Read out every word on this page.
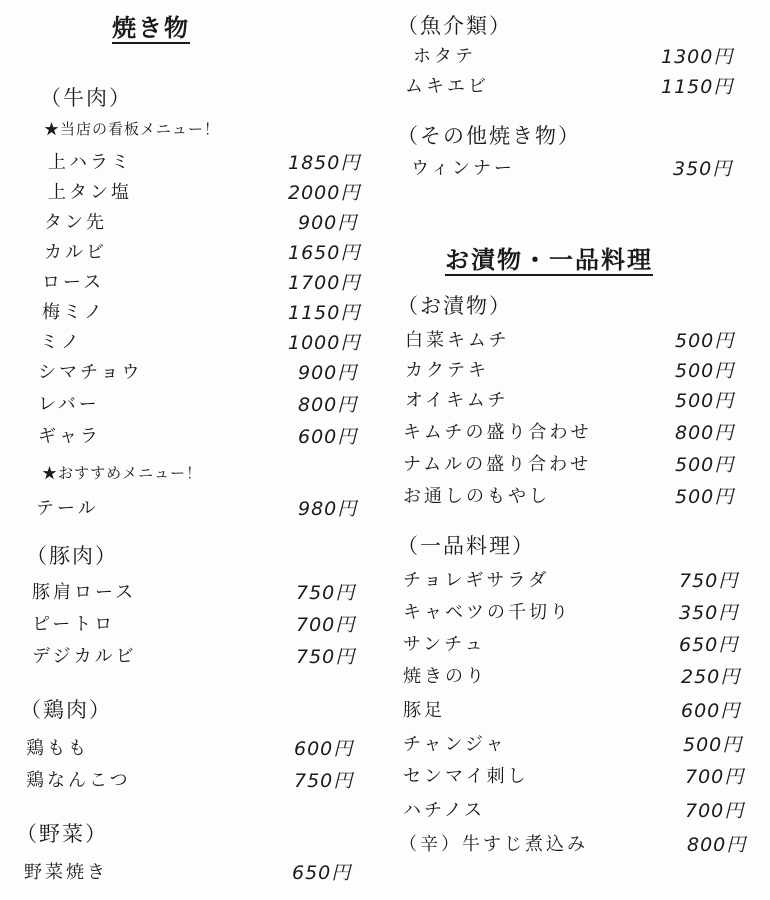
焼き物
（牛肉）
★当店の看板メニュー！
上ハラミ	1850円
上タン塩	2000円
タン先	900円
カルビ	1650円
ロース	1700円
梅ミノ	1150円
ミノ	1000円
シマチョウ	900円
レバー	800円
ギャラ	600円
★おすすめメニュー！
テール	980円
（豚肉）
豚肩ロース	750円
ピートロ	700円
デジカルビ	750円
（鶏肉）
鶏もも	600円
鶏なんこつ	750円
（野菜）
野菜焼き	650円
（魚介類）
ホタテ	1300円
ムキエビ	1150円
（その他焼き物）
ウィンナー	350円
お漬物・一品料理
（お漬物）
白菜キムチ	500円
カクテキ	500円
オイキムチ	500円
キムチの盛り合わせ	800円
ナムルの盛り合わせ	500円
お通しのもやし	500円
（一品料理）
チョレギサラダ	750円
キャベツの千切り	350円
サンチュ	650円
焼きのり	250円
豚足	600円
チャンジャ	500円
センマイ刺し	700円
ハチノス	700円
（辛）牛すじ煮込み	800円
